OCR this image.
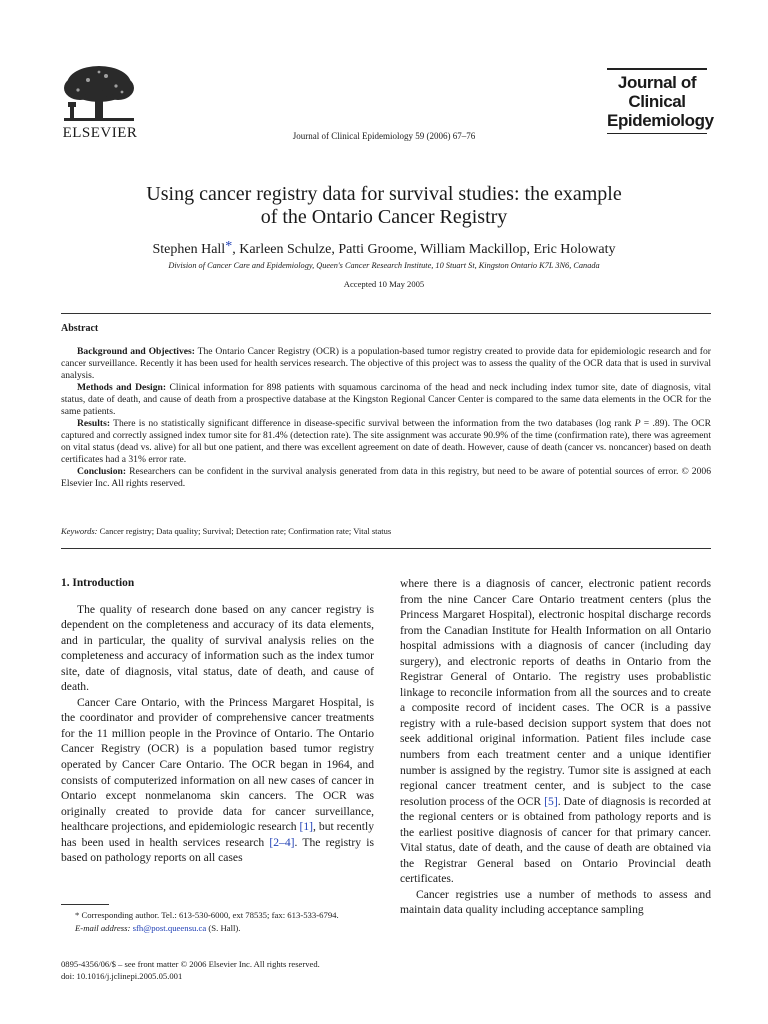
ELSEVIER	Journal of Clinical Epidemiology 59 (2006) 67–76
Journal of
Clinical
Epidemiology
Using cancer registry data for survival studies: the example
of the Ontario Cancer Registry
Stephen Hall*, Karleen Schulze, Patti Groome, William Mackillop, Eric Holowaty
Division of Cancer Care and Epidemiology, Queen's Cancer Research Institute, 10 Stuart St, Kingston Ontario K7L 3N6, Canada
Accepted 10 May 2005
Abstract

Background and Objectives: The Ontario Cancer Registry (OCR) is a population-based tumor registry created to provide data for epidemiologic research and for cancer surveillance. Recently it has been used for health services research. The objective of this project was to assess the quality of the OCR data that is used in survival analysis.

Methods and Design: Clinical information for 898 patients with squamous carcinoma of the head and neck including index tumor site, date of diagnosis, vital status, date of death, and cause of death from a prospective database at the Kingston Regional Cancer Center is compared to the same data elements in the OCR for the same patients.

Results: There is no statistically significant difference in disease-specific survival between the information from the two databases (log rank P = .89). The OCR captured and correctly assigned index tumor site for 81.4% (detection rate). The site assignment was accurate 90.9% of the time (confirmation rate), there was agreement on vital status (dead vs. alive) for all but one patient, and there was excellent agreement on date of death. However, cause of death (cancer vs. noncancer) based on death certificates had a 31% error rate.

Conclusion: Researchers can be confident in the survival analysis generated from data in this registry, but need to be aware of potential sources of error. © 2006 Elsevier Inc. All rights reserved.

Keywords: Cancer registry; Data quality; Survival; Detection rate; Confirmation rate; Vital status
1. Introduction

The quality of research done based on any cancer registry is dependent on the completeness and accuracy of its data elements, and in particular, the quality of survival analysis relies on the completeness and accuracy of information such as the index tumor site, date of diagnosis, vital status, date of death, and cause of death.

Cancer Care Ontario, with the Princess Margaret Hospital, is the coordinator and provider of comprehensive cancer treatments for the 11 million people in the Province of Ontario. The Ontario Cancer Registry (OCR) is a population based tumor registry operated by Cancer Care Ontario. The OCR began in 1964, and consists of computerized information on all new cases of cancer in Ontario except nonmelanoma skin cancers. The OCR was originally created to provide data for cancer surveillance, healthcare projections, and epidemiologic research [1], but recently has been used in health services research [2–4]. The registry is based on pathology reports on all cases

where there is a diagnosis of cancer, electronic patient records from the nine Cancer Care Ontario treatment centers (plus the Princess Margaret Hospital), electronic hospital discharge records from the Canadian Institute for Health Information on all Ontario hospital admissions with a diagnosis of cancer (including day surgery), and electronic reports of deaths in Ontario from the Registrar General of Ontario. The registry uses probablistic linkage to reconcile information from all the sources and to create a composite record of incident cases. The OCR is a passive registry with a rule-based decision support system that does not seek additional original information. Patient files include case numbers from each treatment center and a unique identifier number is assigned by the registry. Tumor site is assigned at each regional cancer treatment center, and is subject to the case resolution process of the OCR [5]. Date of diagnosis is recorded at the regional centers or is obtained from pathology reports and is the earliest positive diagnosis of cancer for that primary cancer. Vital status, date of death, and the cause of death are obtained via the Registrar General based on Ontario Provincial death certificates.

Cancer registries use a number of methods to assess and maintain data quality including acceptance sampling

* Corresponding author. Tel.: 613-530-6000, ext 78535; fax: 613-533-6794.
E-mail address: sfh@post.queensu.ca (S. Hall).
0895-4356/06/$ – see front matter © 2006 Elsevier Inc. All rights reserved.
doi: 10.1016/j.jclinepi.2005.05.001
